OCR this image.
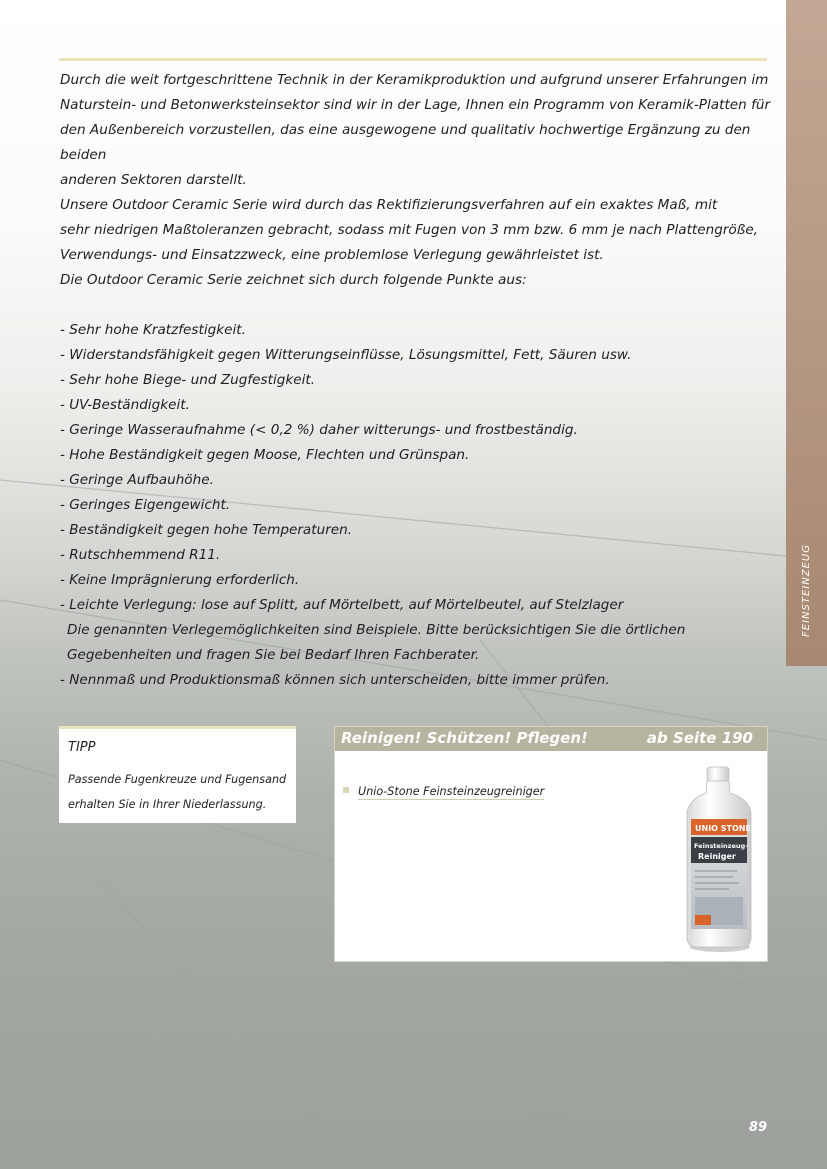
FEINSTEINZEUG

Durch die weit fortgeschrittene Technik in der Keramikproduktion und aufgrund unserer Erfahrungen im

Naturstein- und Betonwerksteinsektor sind wir in der Lage, Ihnen ein Programm von Keramik-Platten für

den Außenbereich vorzustellen, das eine ausgewogene und qualitativ hochwertige Ergänzung zu den beiden

anderen Sektoren darstellt.

Unsere Outdoor Ceramic Serie wird durch das Rektifizierungsverfahren auf ein exaktes Maß, mit

sehr niedrigen Maßtoleranzen gebracht, sodass mit Fugen von 3 mm bzw. 6 mm je nach Plattengröße,

Verwendungs- und Einsatzzweck, eine problemlose Verlegung gewährleistet ist.

Die Outdoor Ceramic Serie zeichnet sich durch folgende Punkte aus:

- Sehr hohe Kratzfestigkeit.
- Widerstandsfähigkeit gegen Witterungseinflüsse, Lösungsmittel, Fett, Säuren usw.
- Sehr hohe Biege- und Zugfestigkeit.
- UV-Beständigkeit.
- Geringe Wasseraufnahme (< 0,2 %) daher witterungs- und frostbeständig.
- Hohe Beständigkeit gegen Moose, Flechten und Grünspan.
- Geringe Aufbauhöhe.
- Geringes Eigengewicht.
- Beständigkeit gegen hohe Temperaturen.
- Rutschhemmend R11.
- Keine Imprägnierung erforderlich.
- Leichte Verlegung: lose auf Splitt, auf Mörtelbett, auf Mörtelbeutel, auf Stelzlager
Die genannten Verlegemöglichkeiten sind Beispiele. Bitte berücksichtigen Sie die örtlichen
Gegebenheiten und fragen Sie bei Bedarf Ihren Fachberater.
- Nennmaß und Produktionsmaß können sich unterscheiden, bitte immer prüfen.
TIPP
Passende Fugenkreuze und Fugensand
erhalten Sie in Ihrer Niederlassung.
Reinigen! Schützen! Pflegen!	ab Seite 190
Unio-Stone Feinsteinzeugreiniger
UNIO STONE
Feinsteinzeug-
Reiniger
89
